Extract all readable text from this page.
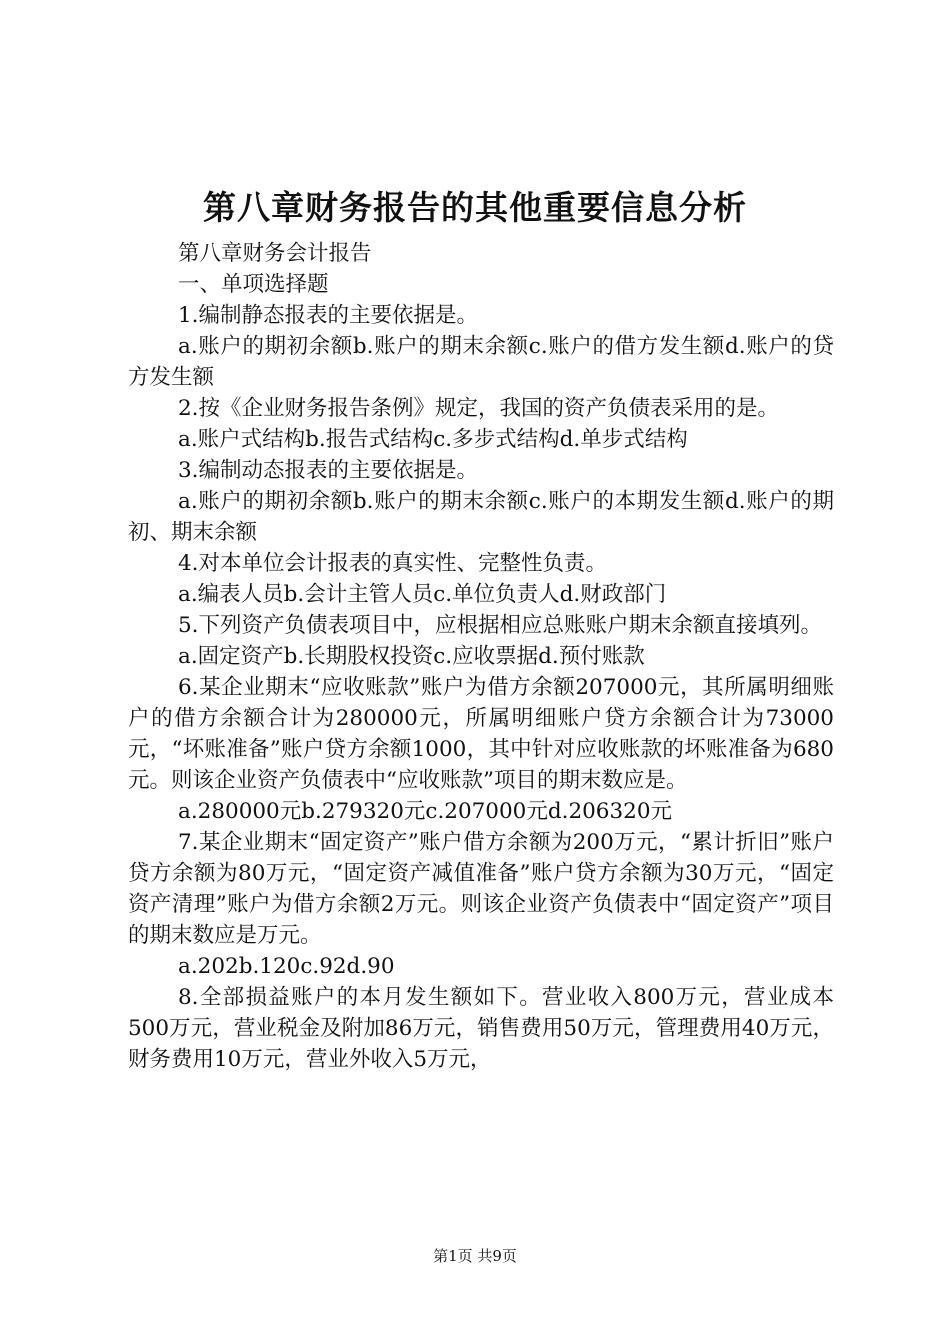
第八章财务报告的其他重要信息分析

第八章财务会计报告

一、单项选择题

1.编制静态报表的主要依据是。

a.账户的期初余额b.账户的期末余额c.账户的借方发生额d.账户的贷方发生额

2.按《企业财务报告条例》规定，我国的资产负债表采用的是。

a.账户式结构b.报告式结构c.多步式结构d.单步式结构

3.编制动态报表的主要依据是。

a.账户的期初余额b.账户的期末余额c.账户的本期发生额d.账户的期初、期末余额

4.对本单位会计报表的真实性、完整性负责。

a.编表人员b.会计主管人员c.单位负责人d.财政部门

5.下列资产负债表项目中，应根据相应总账账户期末余额直接填列。

a.固定资产b.长期股权投资c.应收票据d.预付账款

6.某企业期末“应收账款”账户为借方余额207000元，其所属明细账户的借方余额合计为280000元，所属明细账户贷方余额合计为73000元，“坏账准备”账户贷方余额1000，其中针对应收账款的坏账准备为680元。则该企业资产负债表中“应收账款”项目的期末数应是。

a.280000元b.279320元c.207000元d.206320元

7.某企业期末“固定资产”账户借方余额为200万元，“累计折旧”账户贷方余额为80万元，“固定资产减值准备”账户贷方余额为30万元，“固定资产清理”账户为借方余额2万元。则该企业资产负债表中“固定资产”项目的期末数应是万元。

a.202b.120c.92d.90

8.全部损益账户的本月发生额如下。营业收入800万元，营业成本500万元，营业税金及附加86万元，销售费用50万元，管理费用40万元，财务费用10万元，营业外收入5万元，

第1页 共9页
